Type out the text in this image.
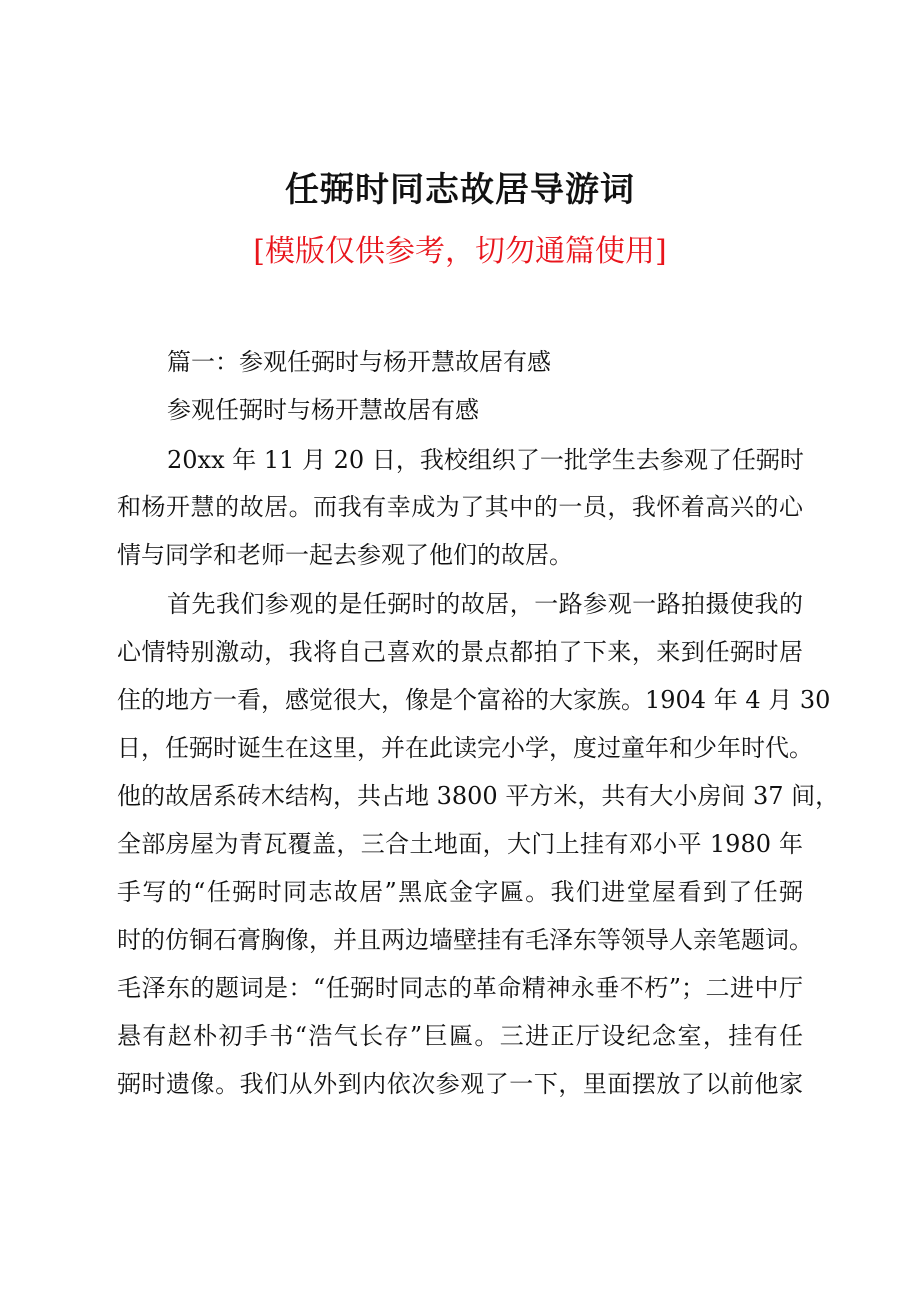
任弼时同志故居导游词
[模版仅供参考，切勿通篇使用]
篇一：参观任弼时与杨开慧故居有感
参观任弼时与杨开慧故居有感
20xx 年 11 月 20 日，我校组织了一批学生去参观了任弼时
和杨开慧的故居。而我有幸成为了其中的一员，我怀着高兴的心
情与同学和老师一起去参观了他们的故居。
首先我们参观的是任弼时的故居，一路参观一路拍摄使我的
心情特别激动，我将自己喜欢的景点都拍了下来，来到任弼时居
住的地方一看，感觉很大，像是个富裕的大家族。1904 年 4 月 30
日，任弼时诞生在这里，并在此读完小学，度过童年和少年时代。
他的故居系砖木结构，共占地 3800 平方米，共有大小房间 37 间，
全部房屋为青瓦覆盖，三合土地面，大门上挂有邓小平 1980 年
手写的“任弼时同志故居”黑底金字匾。我们进堂屋看到了任弼
时的仿铜石膏胸像，并且两边墙壁挂有毛泽东等领导人亲笔题词。
毛泽东的题词是：“任弼时同志的革命精神永垂不朽”；二进中厅
悬有赵朴初手书“浩气长存”巨匾。三进正厅设纪念室，挂有任
弼时遗像。我们从外到内依次参观了一下，里面摆放了以前他家
